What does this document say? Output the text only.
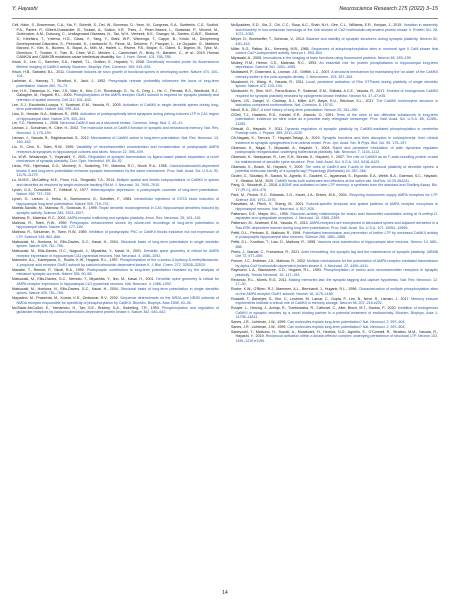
Y. Hayashi	Neuroscience Research 175 (2022) 3–15

Cell, Hahn, S., Braverman, C.A., Xia, F., Schmitt, S., Del, W., Bonneau, D., Yeon, M., Congress, E.A., Suetterlin, C.S., Sudhof, P.A., Parent, P., Gilbert-Dussardier, B., Toutain, A., Sutton, V.R., Thies, J., Peart-Vissers, L., Boisseau, P., Vincent, M., Grabrucker, A.M., Dubourg, C., Undiagnosed Diseases, N., Tan, W.H., Verbeek, N.E., Granger, M., Santen, G.W.E., Shankar, S., Kleefstra, T., Yntema, H.G., Glass, Y., Yang, Y., Stahl, W.P., Wierenga, T., Cappe, B., Kristo, M., Deciphering Developmental Disorders, S., Petrovski, S., Lanfranchi, S., Rinne, M., Delorme, F., Pacquer, L., Le Guyader, G., Martinez Marano, K., Kim, K., Buxeiro, S., Bayat, A., Milh, M., Hallett, L., Riviere, F.B., Brique, S., Odent, S., Bigeon, M., Tylor, M., Dennison, T., Toutain, Y., Tran, B., Chee, W.C., Meulen, L., Carmichael, R., Broly, H., Barstein, C., et al., 2019. Human CAMK2A and CAMK2B mutations cause intellectual disability. Am. J. Hum. Genet. 101, 768–788.

Kwok, S., Lee, C., Sanchez, S.A., Hazlett, T.L., Gratton, E., Hayashi, Y., 2008. Genetically encoded probe for fluorescence lifetime imaging of CaMKII activity. Biochem. Biophys. Res. Commun. 369, 519–525.

Kwon, H.B., Sabatini, B.L., 2011. Glutamate induces de novo growth of functional spines in developing cortex. Nature 474, 100–104.

Larkman, A., Hannay, T., Stratford, K., Jack, J., 1992. Presynaptic release probability influences the locus of long-term potentiation. Nature 360, 70–73.

Lee, H.K., Takamiya, K., Han, J.S., Man, H., Kim, C.H., Rumbaugh, G., Yu, S., Ding, L., He, C., Petralia, R.S., Wenthold, R.J., Gallagher, M., Huganir, R.L., 2003. Phosphorylation of the AMPA receptor GluR1 subunit is required for synaptic plasticity and retention of spatial memory. Cell 112, 631–643.

Lee, S.J., Escobedo-Lozoya, Y., Szatmari, E.M., Yasuda, R., 2009. Activation of CaMKII in single dendritic spines during long-term potentiation. Nature 458, 299–304.

Liao, D., Hessler, N.A., Malinow, R., 1995. Activation of postsynaptically silent synapses during pairing-induced LTP in CA1 region of hippocampal slice. Nature 375, 400–404.

Lin, Y.C., Redmond, L., 2008. Neuronal CaMKII acts as a structural kinase. Commun. Integr. Biol. 2, 40–41.

Lisman, J., Schulman, H., Cline, H., 2002. The molecular basis of CaMKII function in synaptic and behavioural memory. Nat. Rev. Neurosci. 3, 175–190.

Lisman, J., Yasuda, R., Raghavachari, S., 2012. Mechanisms of CaMKII action in long-term potentiation. Nat. Rev. Neurosci. 13, 169–182.

Liu, G., Choi, S., Tsien, R.W., 1999. Variability of neurotransmitter concentration and nonsaturation of postsynaptic AMPA receptors at synapses in hippocampal cultures and slices. Neuron 22, 395–409.

Lu, W.W., Wodarczyk, T., Yoganathi, Y., 2021. Regulation of synaptic transmission by ligand-based plasma separation: a novel mechanism of synaptic plasticity. Curr. Opin. Neurobiol. 69, 84–92.

Lledo, P.M., Hjelmstad, G.O., Mukherji, S., Soderling, T.R., Malenka, R.C., Nicoll, R.A., 1995. Calcium/calmodulin-dependent kinase II and long-term potentiation enhance synaptic transmission by the same mechanism. Proc. Natl. Acad. Sci. U.S.A. 92, 11175–11179.

Lu, M.M.E., McCaffery, M.E., Poon, H.A., Ringwald, T.A., 2014. Multiple spatial and kinetic subpopulations of CaMKII in spines and dendrites as resolved by single-molecule tracking PALM. J. Neurosci. 34, 7600–7610.

Lynch, G.S., Dunwiddie, T., Gribkoff, V., 1977. Heterosynaptic depression: a postsynaptic correlate of long-term potentiation. Nature 266, 737–739.

Lynch, G., Larson, J., Kelso, S., Barrionuevo, G., Schottler, F., 1983. Intracellular injections of EGTA block induction of hippocampal long-term potentiation. Nature 305, 719–721.

Maletic-Savatic, M., Malinow, R., Svoboda, K., 1999. Rapid dendritic morphogenesis in CA1 hippocampal dendrites induced by synaptic activity. Science 283, 1923–1927.

Malinow, R., Malenka, R.C., 2002. AMPA receptor trafficking and synaptic plasticity. Annu. Rev. Neurosci. 25, 103–126.

Malinow, R., Tsien, R.W., 1990. Presynaptic enhancement shown by whole-cell recordings of long-term potentiation in hippocampal slices. Nature 346, 177–180.

Malinow, R., Schulman, H., Tsien, R.W., 1989. Inhibition of postsynaptic PKC or CaMKII blocks induction but not expression of LTP. Science 245, 862–866.

Matsuzaki, M., Honkura, N., Ellis-Davies, G.C., Kasai, H., 2004. Structural basis of long-term potentiation in single dendritic spines. Nature 429, 761–766.

Matsuzaki, M., Ellis-Davies, G.C., Noguchi, J., Miyashita, Y., Kasai, H., 2001. Dendritic spine geometry is critical for AMPA receptor expression in hippocampal CA1 pyramidal neurons. Nat. Neurosci. 4, 1086–1092.

Mammen, A.L., Kameyama, K., Roche, K.W., Huganir, R.L., 1997. Phosphorylation of the α-amino-3-hydroxy-5-methylisoxazole-4-propionic acid receptor GluR1 subunit by calcium/calmodulin-dependent kinase II. J. Biol. Chem. 272, 32528–32533.

Manabe, T., Renner, P., Nicoll, R.A., 1992. Postsynaptic contribution to long-term potentiation revealed by the analysis of miniature synaptic currents. Nature 355, 50–55.

Matsuzaki, M., Ellis-Davies, G.C., Nemoto, T., Miyashita, Y., Iino, M., Kasai, H., 2001. Dendritic spine geometry is critical for AMPA receptor expression in hippocampal CA1 pyramidal neurons. Nat. Neurosci. 4, 1086–1092.

Matsuzaki, M., Honkura, N., Ellis-Davies, G.C., Kasai, H., 2004. Structural basis of long-term potentiation in single dendritic spines. Nature 429, 761–766.

Mayadevi, M., Praseeda, M., Kumar, K.S., Omkumar, R.V., 2002. Sequence determinants on the NR2A and NR2B subunits of NMDA receptor responsible for specificity of phosphorylation by CaMKII. Biochim. Biophys. Acta 1598, 40–45.

McGlade-McCulloh, E., Yamamoto, H., Tan, S.E., Brickey, D.A., Soderling, T.R., 1993. Phosphorylation and regulation of glutamate receptors by calcium/calmodulin-dependent protein kinase II. Nature 362, 640–642.

McSpadden, E.D., Xia, Z., Chi, C.C., Susa, A.C., Shah, N.H., Gee, C.L., Williams, E.R., Kuriyan, J., 2019. Variation in assembly stoichiometry in non-metazoan homologs of the hub domain of Ca2+/calmodulin-dependent protein kinase II. Protein Sci. 28, 1071–1082.

Meyer, D., Bonhoeffer, T., Scheuss, V., 2014. Balance and stability of synaptic structures during synaptic plasticity. Neuron 82, 430–443.

Miller, S.G., Patton, B.L., Kennedy, M.B., 1988. Sequences of autophosphorylation sites in neuronal type II CaM kinase that control Ca2+-independent activity. Neuron 1, 593–604.

Miyawaki, A., 2005. Innovations in the imaging of brain functions using fluorescent proteins. Neuron 48, 189–199.

Mulkey, R.M., Herron, C.E., Malenka, R.C., 1993. An essential role for protein phosphatases in hippocampal long-term depression. Science 261, 1051–1055.

Mullasseril, P., Dosemeci, A., Lisman, J.E., Griffith, L.C., 2007. A structural mechanism for maintaining the 'on-state' of the CaMKII memory switch in the post-synaptic density. J. Neurochem. 103, 357–364.

Murakoshi, H., Wang, H., Yasuda, R., 2011. Local, persistent activation of Rho GTPases during plasticity of single dendritic spines. Nature 472, 100–104.

Murakoshi, H., Shin, M.E., Parra-Bueno, P., Szatmari, E.M., Shibata, A.C.E., Yasuda, R., 2017. Kinetics of endogenous CaMKII required for synaptic plasticity revealed by optogenetic kinase inhibitor. Neuron 94, 37–47.e35.

Myers, J.B., Zaegel, V., Coultrap, S.J., Miller, A.P., Bayer, K.U., Reichow, S.L., 2017. The CaMKII holoenzyme structure in activation-competent conformations. Nat. Commun. 8, 15742.

Nicoll, R.A., 2017. A brief history of long-term potentiation. Neuron 93, 281–290.

O'Dell, T.J., Hawkins, R.D., Kandel, E.R., Arancio, O., 1991. Tests of the roles of two diffusible substances in long-term potentiation: evidence for nitric oxide as a possible early retrograde messenger. Proc. Natl. Acad. Sci. U.S.A. 88, 11285–11289.

Ohtsuki, G., Hayashi, Y., 2011. Dynamic regulation of synaptic plasticity by CaMKII-mediated phosphorylation in cerebellar Purkinje cells. J. Physiol. 589, 2211–2230.

Oh-Nagata, K., Tamura, T., Hayashi-Takagi, A., 2019. Synaptic functions and their disruption in schizophrenia: from clinical evidence to synaptic optogenetics in an animal model. Proc. Jpn. Acad. Ser. B Phys. Biol. Sci. 95, 179–197.

Okamoto, K., Nagai, T., Miyawaki, A., Hayashi, Y., 2004. Rapid and persistent modulation of actin dynamics regulates postsynaptic reorganization underlying bidirectional plasticity. Nat. Neurosci. 7, 1104–1112.

Okamoto, K., Narayanan, R., Lee, S.H., Murata, K., Hayashi, Y., 2007. The role of CaMKII as an F-actin-bundling protein crucial for maintenance of dendritic spine structure. Proc. Natl. Acad. Sci. U.S.A. 104, 6418–6423.

Okamoto, K., Bosch, M., Hayashi, Y., 2009. The roles of CaMKII and F-actin in the structural plasticity of dendritic spines: a potential molecular identity of a synaptic tag? Physiology (Bethesda) 24, 357–366.

Ozden, C., Sloutsky, R., Santos, N., Agnello, E., Gaubert, C., Isgaerzwa, S., Esposito, E.A., Webb, B.A., Gaeman, S.C., Hayashi, Y., Stratton, M.M., 2020. CaMKII binds both substrates and effectors at the active site. bioRxiv, 10.25.354241.

Pang, D., Woodruff, Z., 2018. A BDNF and activated on later LTP memory: a synthesis from the standard and Shelling Assay. Bio. 17 (Pt C), 404–478.

Park, M., Penick, E.C., Edwards, J.G., Kauer, J.A., Ehlers, M.D., 2004. Recycling endosomes supply AMPA receptors for LTP. Science 305, 1972–1975.

Passafaro, M., Piech, V., Sheng, M., 2001. Subunit-specific temporal and spatial patterns of AMPA receptor exocytosis in hippocampal neurons. Nat. Neurosci. 4, 917–926.

Patterson, D.E., Mayer, M.L., 1990. Structure–activity relationships for amino acid transmitter candidates acting at N-methyl-D-aspartate and quisqualate receptors. J. Neurosci. 10, 2385–2399.

Patterson, M., Szatmari, E.M., Yasuda, R., 2010. AMPA receptors are exocytosed in stimulated spines and adjacent dendrites in a Ras-ERK-dependent manner during long-term potentiation. Proc. Natl. Acad. Sci. U.S.A. 107, 15951–15956.

Pettit, D.L., Perlman, S., Malinow, R., 1994. Potentiated transmission and prevention of further LTP by increased CaMKII activity in postsynaptic hippocampal slice neurons. Science 266, 1881–1885.

Pettit, D.L., Koothan, T., Liao, D., Malinow, R., 1995. Vaccinia virus transfection of hippocampal slice neurons. Neuron 14, 685–688.

Pierlo, J., Marzat, C., Francesca, R., 2021. Actin remodeling, the synaptic tag and the maintenance of synaptic plasticity. IUBMB Life 72, 577–589.

Poncer, J.C., Esteban, J.A., Malinow, R., 2002. Multiple mechanisms for the potentiation of AMPA receptor-mediated transmission by alpha-Ca2+/calmodulin-dependent protein kinase II. J. Neurosci. 22, 4406–4411.

Raymond, L.A., Blackstone, C.D., Huganir, R.L., 1993. Phosphorylation of amino acid neurotransmitter receptors in synaptic plasticity. Trends Neurosci. 16, 147–153.

Redondo, R.L., Morris, R.G., 2011. Making memories last: the synaptic tagging and capture hypothesis. Nat. Rev. Neurosci. 12, 17–30.

Roche, K.W., O'Brien, R.J., Mammen, A.L., Bernhardt, J., Huganir, R.L., 1996. Characterization of multiple phosphorylation sites on the AMPA receptor GluR1 subunit. Neuron 16, 1179–1188.

Rossetti, T., Banerjee, S., Kim, C., Leubner, M., Lamar, C., Gupta, P., Lee, B., Neve, R., Lisman, J., 2017. Memory erasure experiments indicate a critical role of CaMKII in memory storage. Neuron 96, 207–216.e202.

Rouyer, L., Herzog, J., Arrinja, R., Trzebiowska, R., Cathcart, C., Alter, Bloch, M.T., Santos, P., 2020. Inhibition of endogenous CaMKII in synaptic vesicles by a novel binding partner is a potential treatment of excitotoxicity. Biochim. Biophys. Acta 1, 14798–14811.

Sanes, J.R., Lichtman, J.W., 1999. Can molecules explain long-term potentiation? Nat. Neurosci. 2, 597–604.

Sanes, J.R., Lichtman, J.W., 1999. Can molecules explain long-term potentiation? Nat. Neurosci. 2, 597–604.

Saneyoshi, T., Matsuno, H., Suzuki, A., Murakoshi, H., Hedrick, N.G., Agnello, E., O'Connell, R., Stratton, M.M., Yasuda, R., Hayashi, Y., 2019. Reciprocal activation within a kinase-effector complex underlying persistence of structural LTP. Neuron 102, 1199–1210.e1196.

14
